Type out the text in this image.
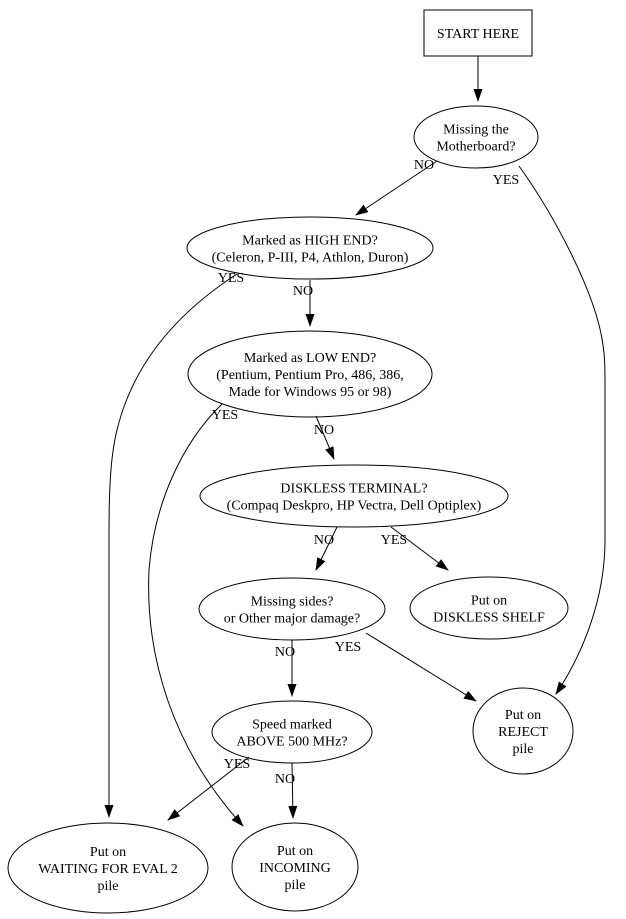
START HERE
Missing the
Motherboard?
Marked as HIGH END?
(Celeron, P-III, P4, Athlon, Duron)
Marked as LOW END?
(Pentium, Pentium Pro, 486, 386,
Made for Windows 95 or 98)
DISKLESS TERMINAL?
(Compaq Deskpro, HP Vectra, Dell Optiplex)
Missing sides?
or Other major damage?
Put on
DISKLESS SHELF
Speed marked
ABOVE 500 MHz?
Put on
REJECT
pile
Put on
WAITING FOR EVAL 2
pile
Put on
INCOMING
pile
NO
YES
NO
YES
NO
YES
NO	YES
NO	YES
YES
NO
